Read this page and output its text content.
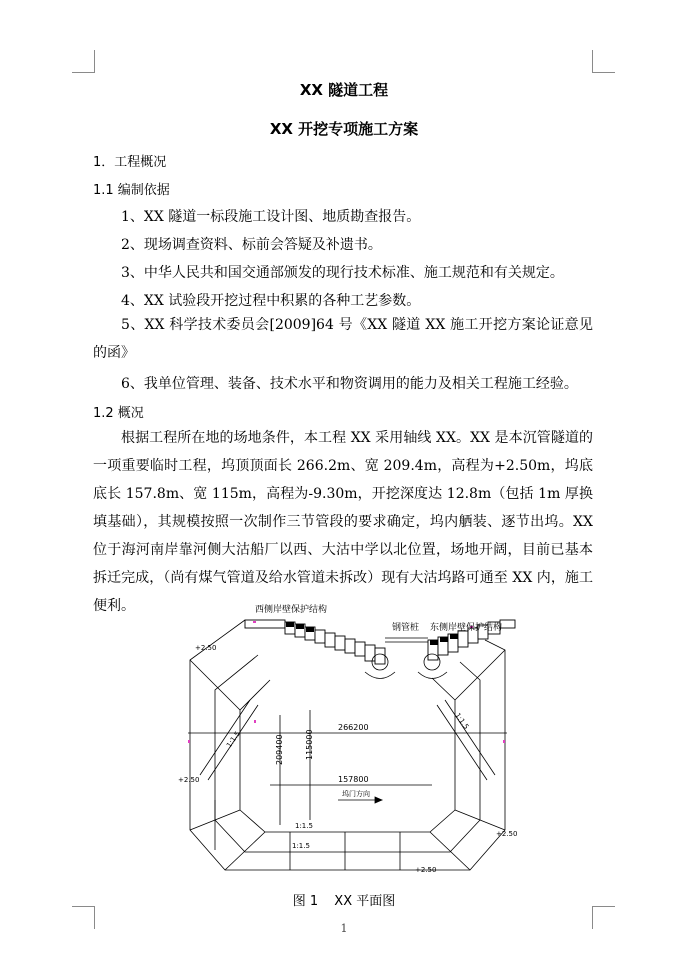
XX 隧道工程
XX 开挖专项施工方案
1．工程概况
1.1 编制依据
1、XX 隧道一标段施工设计图、地质勘查报告。
2、现场调查资料、标前会答疑及补遗书。
3、中华人民共和国交通部颁发的现行技术标准、施工规范和有关规定。
4、XX 试验段开挖过程中积累的各种工艺参数。
5、XX 科学技术委员会[2009]64 号《XX 隧道 XX 施工开挖方案论证意见的函》
6、我单位管理、装备、技术水平和物资调用的能力及相关工程施工经验。
1.2 概况
根据工程所在地的场地条件，本工程 XX 采用轴线 XX。XX 是本沉管隧道的一项重要临时工程，坞顶顶面长 266.2m、宽 209.4m，高程为+2.50m，坞底底长 157.8m、宽 115m，高程为-9.30m，开挖深度达 12.8m（包括 1m 厚换填基础），其规模按照一次制作三节管段的要求确定，坞内舾装、逐节出坞。XX 位于海河南岸靠河侧大沽船厂以西、大沽中学以北位置，场地开阔，目前已基本拆迁完成，（尚有煤气管道及给水管道未拆改）现有大沽坞路可通至 XX 内，施工便利。	西侧岸壁保护结构
钢管桩 东侧岸壁保护结构
266200
157800
209400	115000
+2.50
+2.50
+2.50
+2.50
1:1.5
1:1.5
1:1.5
1:1.5
坞门方向
图 1 XX 平面图
1
